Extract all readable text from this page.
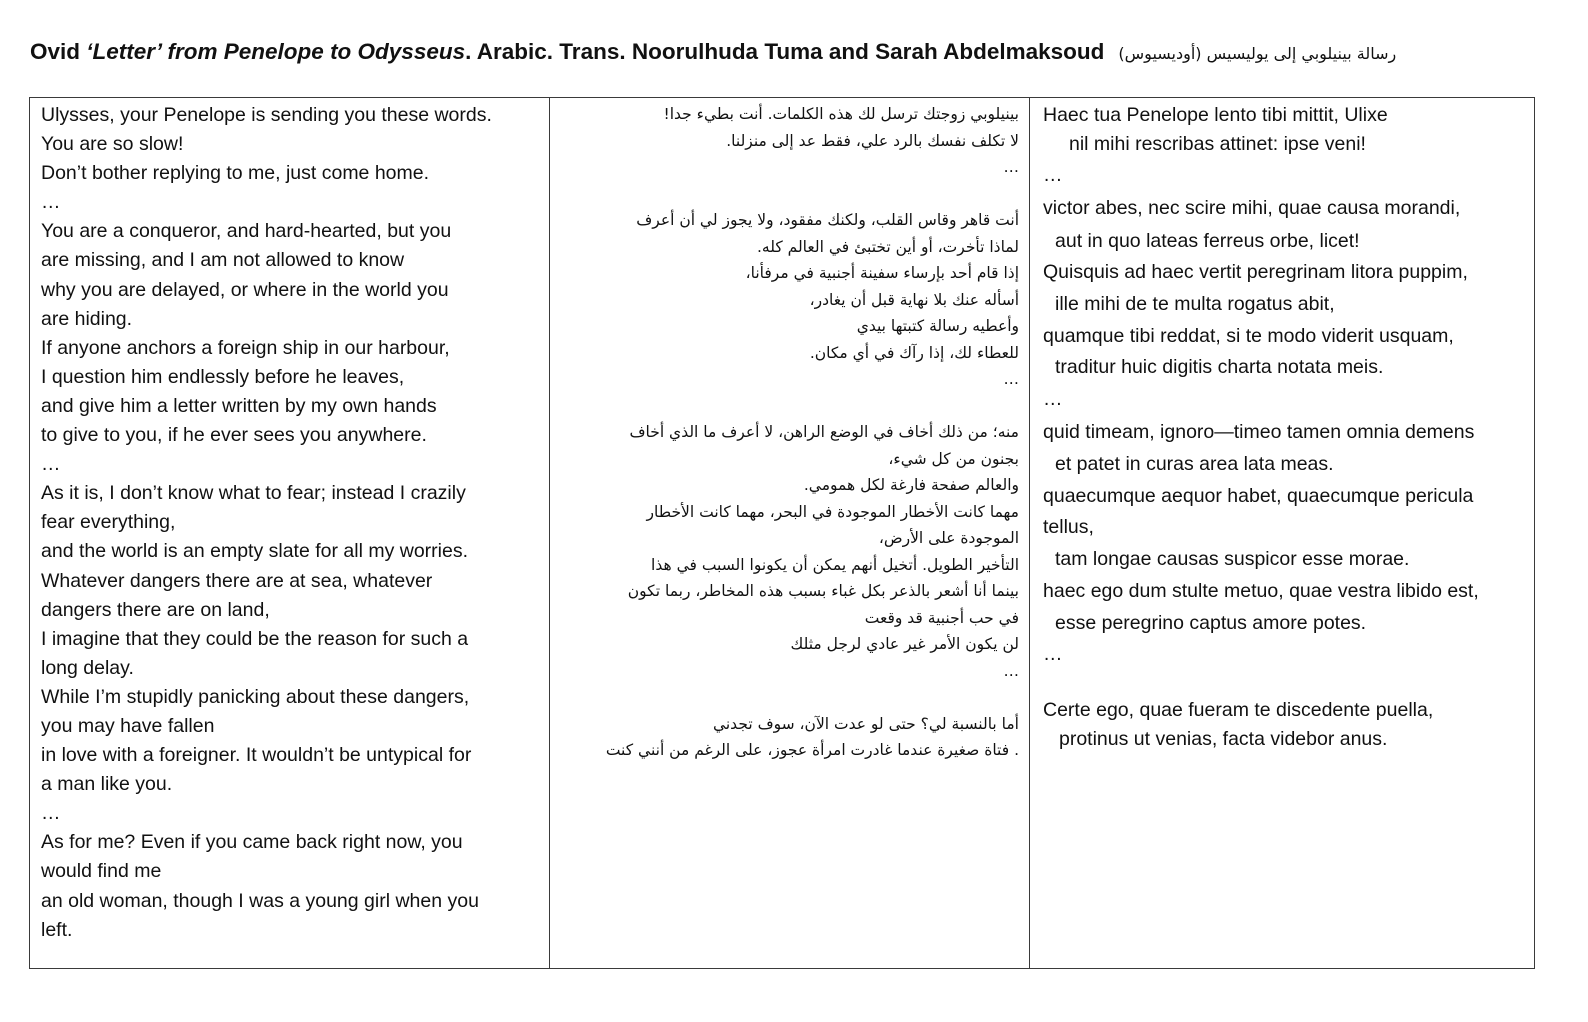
Ovid ‘Letter’ from Penelope to Odysseus. Arabic. Trans. Noorulhuda Tuma and Sarah Abdelmaksoud رسالة بينيلوبي إلى يوليسيس (أوديسيوس)
Ulysses, your Penelope is sending you these words.
You are so slow!
Don’t bother replying to me, just come home.
…
You are a conqueror, and hard-hearted, but you
are missing, and I am not allowed to know
why you are delayed, or where in the world you
are hiding.
If anyone anchors a foreign ship in our harbour,
I question him endlessly before he leaves,
and give him a letter written by my own hands
to give to you, if he ever sees you anywhere.
…
As it is, I don’t know what to fear; instead I crazily
fear everything,
and the world is an empty slate for all my worries.
Whatever dangers there are at sea, whatever
dangers there are on land,
I imagine that they could be the reason for such a
long delay.
While I’m stupidly panicking about these dangers,
you may have fallen
in love with a foreigner. It wouldn’t be untypical for
a man like you.
…
As for me? Even if you came back right now, you
would find me
an old woman, though I was a young girl when you
left.
بينيلوبي زوجتك ترسل لك هذه الكلمات. أنت بطيء جدا!
لا تكلف نفسك بالرد علي، فقط عد إلى منزلنا.
…

أنت قاهر وقاس القلب، ولكنك مفقود، ولا يجوز لي أن أعرف
لماذا تأخرت، أو أين تختبئ في العالم كله.
إذا قام أحد بإرساء سفينة أجنبية في مرفأنا،
أسأله عنك بلا نهاية قبل أن يغادر،
وأعطيه رسالة كتبتها بيدي
للعطاء لك، إذا رآك في أي مكان.
…

منه؛ من ذلك أخاف في الوضع الراهن، لا أعرف ما الذي أخاف
بجنون من كل شيء،
والعالم صفحة فارغة لكل همومي.
مهما كانت الأخطار الموجودة في البحر، مهما كانت الأخطار
الموجودة على الأرض،
التأخير الطويل. أتخيل أنهم يمكن أن يكونوا السبب في هذا
بينما أنا أشعر بالذعر بكل غباء بسبب هذه المخاطر، ربما تكون
في حب أجنبية قد وقعت
لن يكون الأمر غير عادي لرجل مثلك
…

أما بالنسبة لي؟ حتى لو عدت الآن، سوف تجدني
. فتاة صغيرة عندما غادرت امرأة عجوز، على الرغم من أنني كنت
Haec tua Penelope lento tibi mittit, Ulixe
nil mihi rescribas attinet: ipse veni!
…
victor abes, nec scire mihi, quae causa morandi,
aut in quo lateas ferreus orbe, licet!
Quisquis ad haec vertit peregrinam litora puppim,
ille mihi de te multa rogatus abit,
quamque tibi reddat, si te modo viderit usquam,
traditur huic digitis charta notata meis.
…
quid timeam, ignoro—timeo tamen omnia demens
et patet in curas area lata meas.
quaecumque aequor habet, quaecumque pericula
tellus,
tam longae causas suspicor esse morae.
haec ego dum stulte metuo, quae vestra libido est,
esse peregrino captus amore potes.
…

Certe ego, quae fueram te discedente puella,
protinus ut venias, facta videbor anus.
